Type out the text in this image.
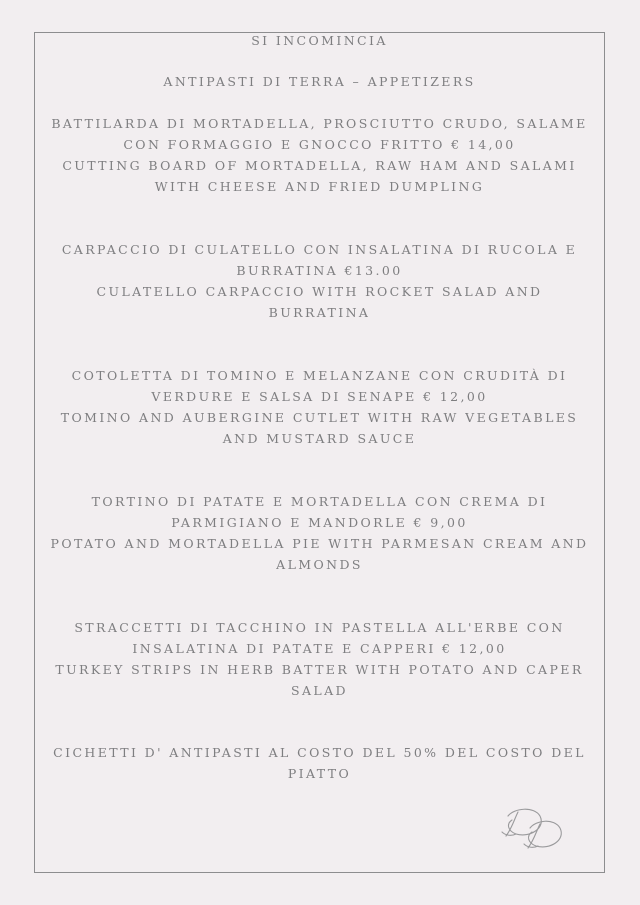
SI INCOMINCIA
ANTIPASTI DI TERRA – APPETIZERS
BATTILARDA DI MORTADELLA, PROSCIUTTO CRUDO, SALAME
CON FORMAGGIO E GNOCCO FRITTO € 14,00
CUTTING BOARD OF MORTADELLA, RAW HAM AND SALAMI
WITH CHEESE AND FRIED DUMPLING
CARPACCIO DI CULATELLO CON INSALATINA DI RUCOLA E
BURRATINA €13.00
CULATELLO CARPACCIO WITH ROCKET SALAD AND
BURRATINA
COTOLETTA DI TOMINO E MELANZANE CON CRUDITÀ DI
VERDURE E SALSA DI SENAPE € 12,00
TOMINO AND AUBERGINE CUTLET WITH RAW VEGETABLES
AND MUSTARD SAUCE
TORTINO DI PATATE E MORTADELLA CON CREMA DI
PARMIGIANO E MANDORLE € 9,00
POTATO AND MORTADELLA PIE WITH PARMESAN CREAM AND
ALMONDS
STRACCETTI DI TACCHINO IN PASTELLA ALL'ERBE CON
INSALATINA DI PATATE E CAPPERI € 12,00
TURKEY STRIPS IN HERB BATTER WITH POTATO AND CAPER
SALAD
CICHETTI D' ANTIPASTI AL COSTO DEL 50% DEL COSTO DEL
PIATTO
